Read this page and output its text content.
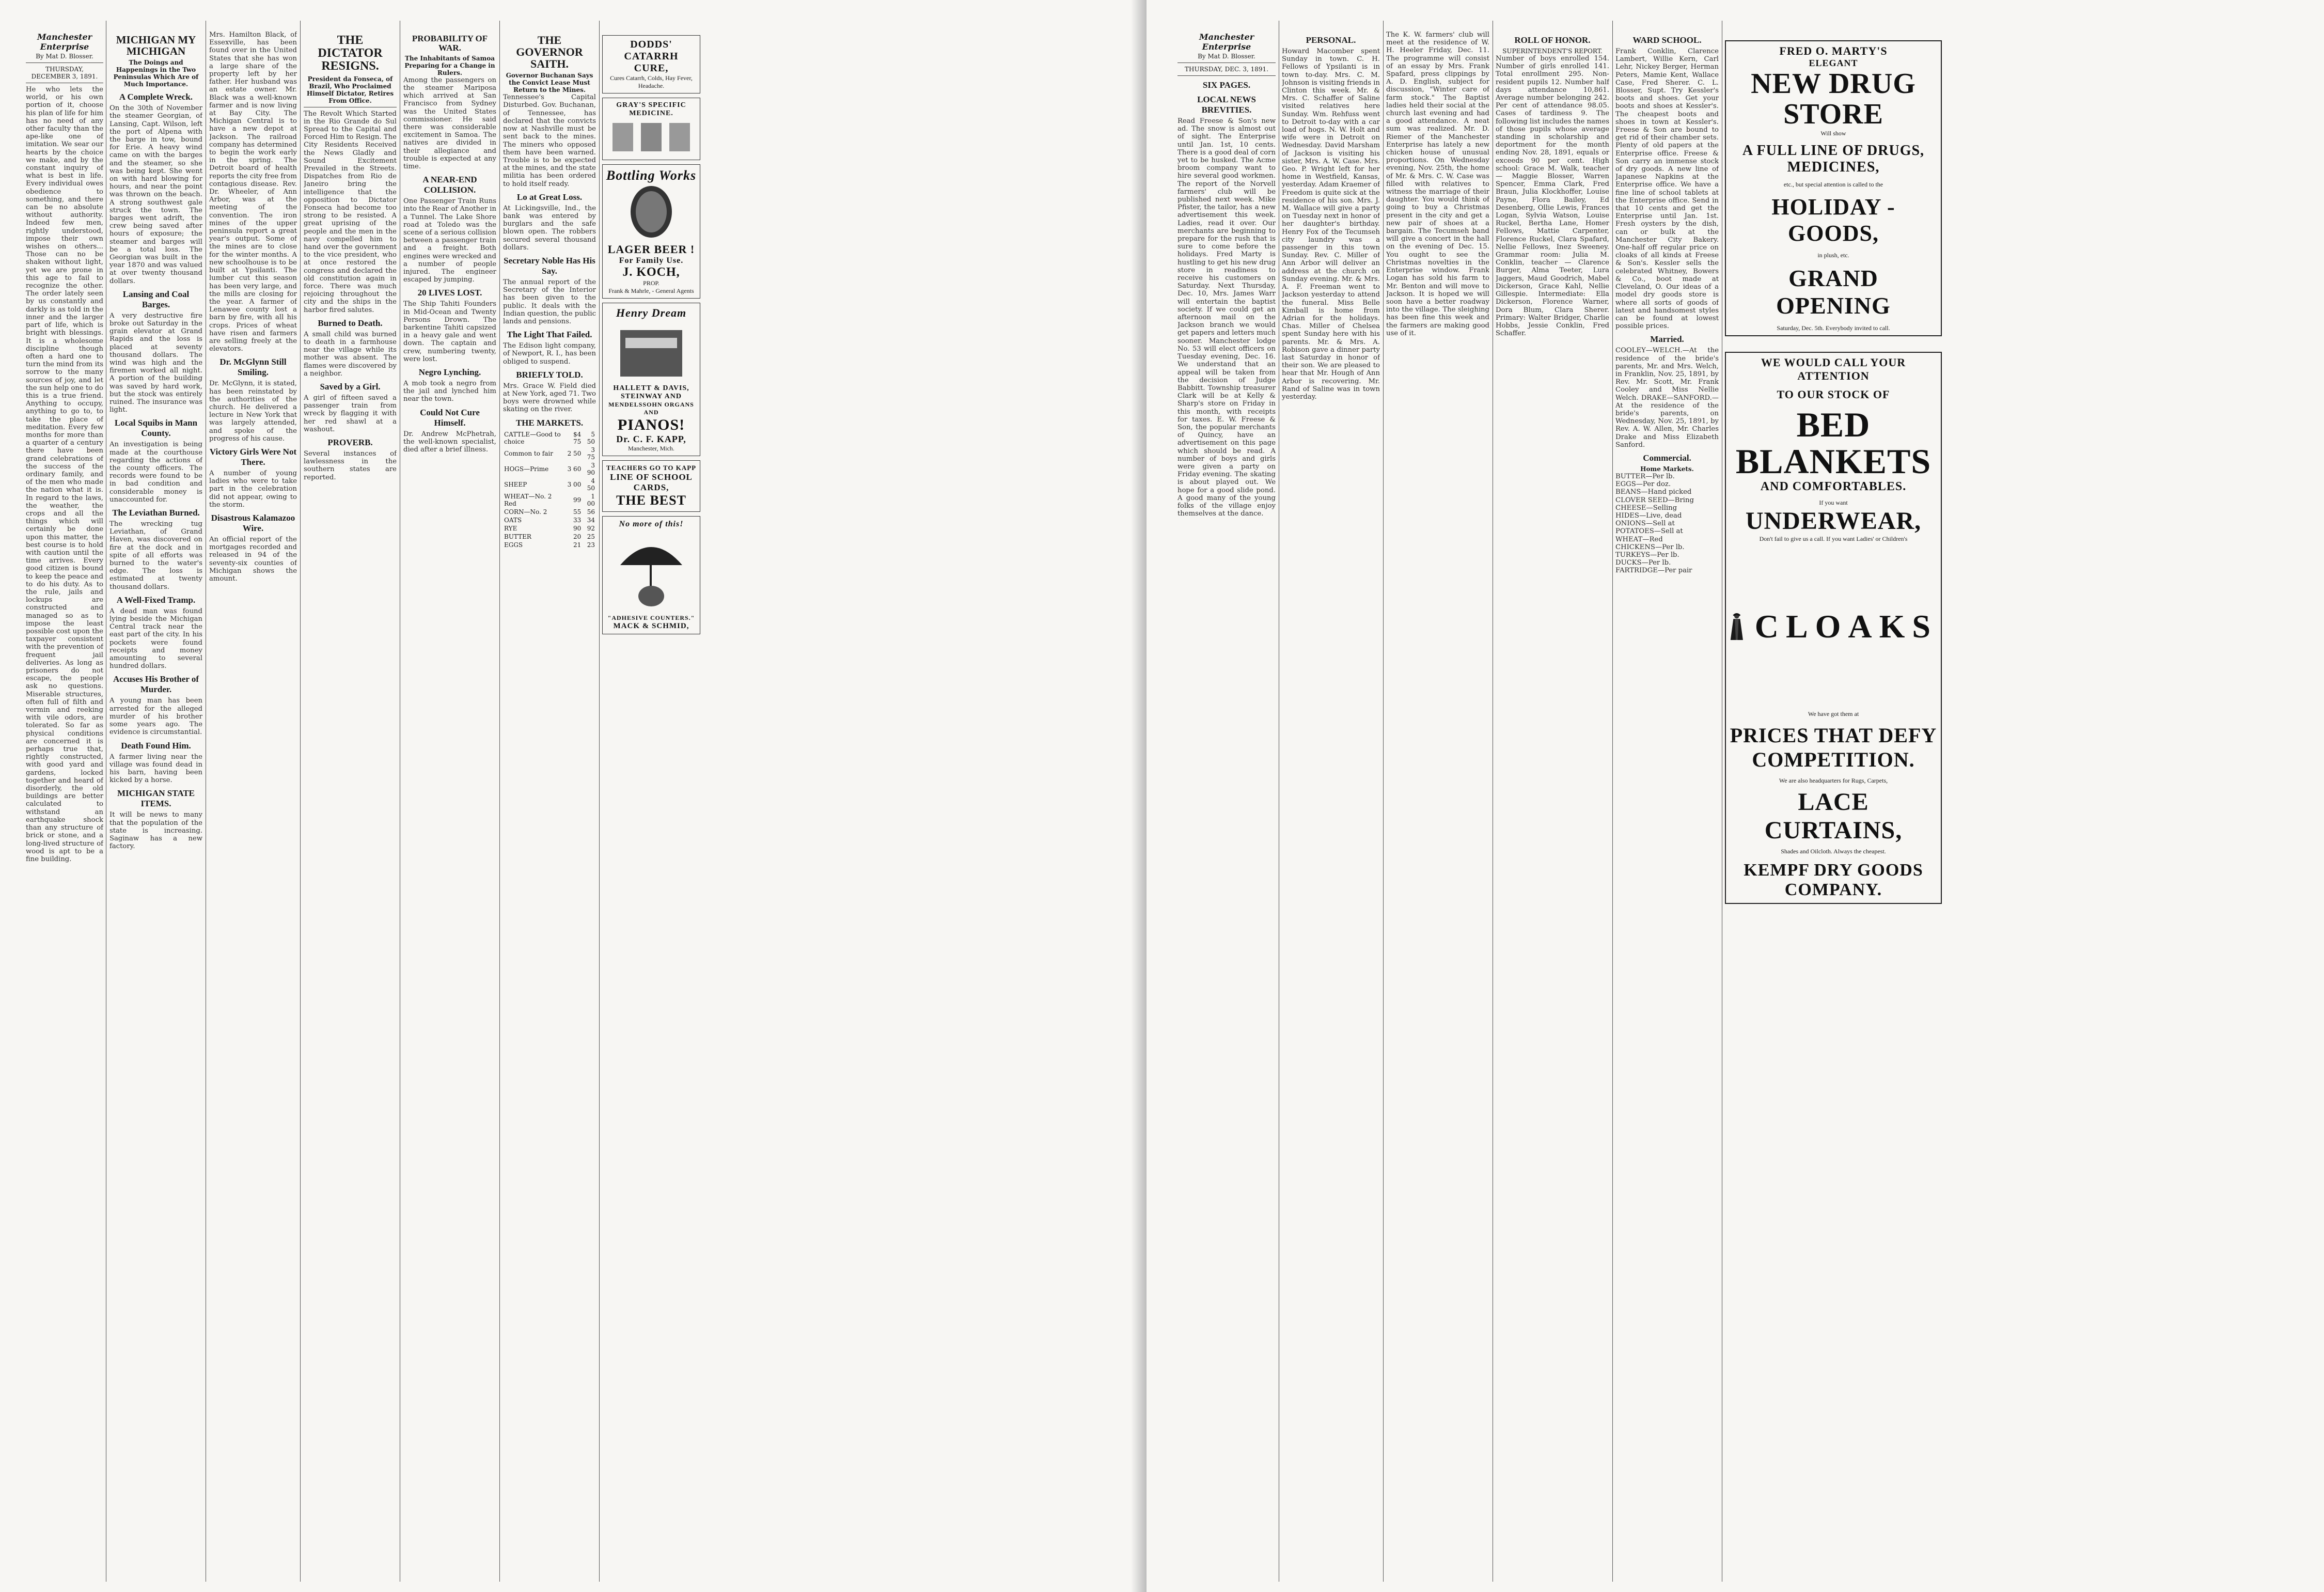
Manchester Enterprise
By Mat D. Blosser.
THURSDAY, DECEMBER 3, 1891.
He who lets the world, or his own portion of it, choose his plan of life for him has no need of any other faculty than the ape-like one of imitation. We sear our hearts by the choice we make, and by the constant inquiry of what is best in life. Every individual owes obedience to something, and there can be no absolute without authority. Indeed few men, rightly understood, impose their own wishes on others... Those can no be shaken without light, yet we are prone in this age to fail to recognize the other. The order lately seen by us constantly and darkly is as told in the inner and the larger part of life, which is bright with blessings. It is a wholesome discipline though often a hard one to turn the mind from its sorrow to the many sources of joy, and let the sun help one to do this is a true friend. Anything to occupy, anything to go to, to take the place of meditation. Every few months for more than a quarter of a century there have been grand celebrations of the success of the ordinary family, and of the men who made the nation what it is. In regard to the laws, the weather, the crops and all the things which will certainly be done upon this matter, the best course is to hold with caution until the time arrives. Every good citizen is bound to keep the peace and to do his duty. As to the rule, jails and lockups are constructed and managed so as to impose the least possible cost upon the taxpayer consistent with the prevention of frequent jail deliveries. As long as prisoners do not escape, the people ask no questions. Miserable structures, often full of filth and vermin and reeking with vile odors, are tolerated. So far as physical conditions are concerned it is perhaps true that, rightly constructed, with good yard and gardens, locked together and heard of disorderly, the old buildings are better calculated to withstand an earthquake shock than any structure of brick or stone, and a long-lived structure of wood is apt to be a fine building.
MICHIGAN MY MICHIGAN
The Doings and Happenings in the Two Peninsulas Which Are of Much Importance.
A Complete Wreck.
On the 30th of November the steamer Georgian, of Lansing, Capt. Wilson, left the port of Alpena with the barge in tow, bound for Erie. A heavy wind came on with the barges and the steamer, so she was being kept. She went on with hard blowing for hours, and near the point was thrown on the beach. A strong southwest gale struck the town. The barges went adrift, the crew being saved after hours of exposure; the steamer and barges will be a total loss. The Georgian was built in the year 1870 and was valued at over twenty thousand dollars.
Lansing and Coal Barges.
A very destructive fire broke out Saturday in the grain elevator at Grand Rapids and the loss is placed at seventy thousand dollars. The wind was high and the firemen worked all night. A portion of the building was saved by hard work, but the stock was entirely ruined. The insurance was light.
Local Squibs in Mann County.
An investigation is being made at the courthouse regarding the actions of the county officers. The records were found to be in bad condition and considerable money is unaccounted for.
The Leviathan Burned.
The wrecking tug Leviathan, of Grand Haven, was discovered on fire at the dock and in spite of all efforts was burned to the water's edge. The loss is estimated at twenty thousand dollars.
A Well-Fixed Tramp.
A dead man was found lying beside the Michigan Central track near the east part of the city. In his pockets were found receipts and money amounting to several hundred dollars.
Accuses His Brother of Murder.
A young man has been arrested for the alleged murder of his brother some years ago. The evidence is circumstantial.
Death Found Him.
A farmer living near the village was found dead in his barn, having been kicked by a horse.
MICHIGAN STATE ITEMS.
It will be news to many that the population of the state is increasing. Saginaw has a new factory.
Mrs. Hamilton Black, of Essexville, has been found over in the United States that she has won a large share of the property left by her father. Her husband was an estate owner. Mr. Black was a well-known farmer and is now living at Bay City. The Michigan Central is to have a new depot at Jackson. The railroad company has determined to begin the work early in the spring. The Detroit board of health reports the city free from contagious disease. Rev. Dr. Wheeler, of Ann Arbor, was at the meeting of the convention. The iron mines of the upper peninsula report a great year's output. Some of the mines are to close for the winter months. A new schoolhouse is to be built at Ypsilanti. The lumber cut this season has been very large, and the mills are closing for the year. A farmer of Lenawee county lost a barn by fire, with all his crops. Prices of wheat have risen and farmers are selling freely at the elevators.
Dr. McGlynn Still Smiling.
Dr. McGlynn, it is stated, has been reinstated by the authorities of the church. He delivered a lecture in New York that was largely attended, and spoke of the progress of his cause.
Victory Girls Were Not There.
A number of young ladies who were to take part in the celebration did not appear, owing to the storm.
Disastrous Kalamazoo Wire.
An official report of the mortgages recorded and released in 94 of the seventy-six counties of Michigan shows the amount.
THE DICTATOR RESIGNS.
President da Fonseca, of Brazil, Who Proclaimed Himself Dictator, Retires From Office.
The Revolt Which Started in the Rio Grande do Sul Spread to the Capital and Forced Him to Resign. The City Residents Received the News Gladly and Sound Excitement Prevailed in the Streets. Dispatches from Rio de Janeiro bring the intelligence that the opposition to Dictator Fonseca had become too strong to be resisted. A great uprising of the people and the men in the navy compelled him to hand over the government to the vice president, who at once restored the congress and declared the old constitution again in force. There was much rejoicing throughout the city and the ships in the harbor fired salutes.
Burned to Death.
A small child was burned to death in a farmhouse near the village while its mother was absent. The flames were discovered by a neighbor.
Saved by a Girl.
A girl of fifteen saved a passenger train from wreck by flagging it with her red shawl at a washout.
PROVERB.
Several instances of lawlessness in the southern states are reported.
PROBABILITY OF WAR.
The Inhabitants of Samoa Preparing for a Change in Rulers.
Among the passengers on the steamer Mariposa which arrived at San Francisco from Sydney was the United States commissioner. He said there was considerable excitement in Samoa. The natives are divided in their allegiance and trouble is expected at any time.
A NEAR-END COLLISION.
One Passenger Train Runs into the Rear of Another in a Tunnel. The Lake Shore road at Toledo was the scene of a serious collision between a passenger train and a freight. Both engines were wrecked and a number of people injured. The engineer escaped by jumping.
20 LIVES LOST.
The Ship Tahiti Founders in Mid-Ocean and Twenty Persons Drown. The barkentine Tahiti capsized in a heavy gale and went down. The captain and crew, numbering twenty, were lost.
Negro Lynching.
A mob took a negro from the jail and lynched him near the town.
Could Not Cure Himself.
Dr. Andrew McPhetrah, the well-known specialist, died after a brief illness.
THE GOVERNOR SAITH.
Governor Buchanan Says the Convict Lease Must Return to the Mines.
Tennessee's Capital Disturbed. Gov. Buchanan, of Tennessee, has declared that the convicts now at Nashville must be sent back to the mines. The miners who opposed them have been warned. Trouble is to be expected at the mines, and the state militia has been ordered to hold itself ready.
Lo at Great Loss.
At Lickingsville, Ind., the bank was entered by burglars and the safe blown open. The robbers secured several thousand dollars.
Secretary Noble Has His Say.
The annual report of the Secretary of the Interior has been given to the public. It deals with the Indian question, the public lands and pensions.
The Light That Failed.
The Edison light company, of Newport, R. I., has been obliged to suspend.
BRIEFLY TOLD.
Mrs. Grace W. Field died at New York, aged 71. Two boys were drowned while skating on the river.
THE MARKETS.
CATTLE—Good to choice	$4 75	5 50
Common to fair	2 50	3 75
HOGS—Prime	3 60	3 90
SHEEP	3 00	4 50
WHEAT—No. 2 Red	99	1 00
CORN—No. 2	55	56
OATS	33	34
RYE	90	92
BUTTER	20	25
EGGS	21	23
DODDS' CATARRH CURE,
Cures Catarrh, Colds, Hay Fever, Headache.
GRAY'S SPECIFIC MEDICINE.
Bottling Works
LAGER BEER !
For Family Use.
J. KOCH,
PROP.
Frank & Mahrle, - General Agents
Henry Dream
HALLETT & DAVIS,
STEINWAY AND
MENDELSSOHN ORGANS AND
PIANOS!
Dr. C. F. KAPP,
Manchester, Mich.
TEACHERS GO TO KAPP
LINE OF SCHOOL CARDS,
THE BEST
No more of this!
"ADHESIVE COUNTERS."
MACK & SCHMID,
Manchester Enterprise
By Mat D. Blosser.
THURSDAY, DEC. 3, 1891.
SIX PAGES.
LOCAL NEWS BREVITIES.
Read Freese & Son's new ad. The snow is almost out of sight. The Enterprise until Jan. 1st, 10 cents. There is a good deal of corn yet to be husked. The Acme broom company want to hire several good workmen. The report of the Norvell farmers' club will be published next week. Mike Pfister, the tailor, has a new advertisement this week. Ladies, read it over. Our merchants are beginning to prepare for the rush that is sure to come before the holidays. Fred Marty is hustling to get his new drug store in readiness to receive his customers on Saturday. Next Thursday, Dec. 10, Mrs. James Warr will entertain the baptist society. If we could get an afternoon mail on the Jackson branch we would get papers and letters much sooner. Manchester lodge No. 53 will elect officers on Tuesday evening, Dec. 16. We understand that an appeal will be taken from the decision of Judge Babbitt. Township treasurer Clark will be at Kelly & Sharp's store on Friday in this month, with receipts for taxes. E. W. Freese & Son, the popular merchants of Quincy, have an advertisement on this page which should be read. A number of boys and girls were given a party on Friday evening. The skating is about played out. We hope for a good slide pond. A good many of the young folks of the village enjoy themselves at the dance.
PERSONAL.
Howard Macomber spent Sunday in town. C. H. Fellows of Ypsilanti is in town to-day. Mrs. C. M. Johnson is visiting friends in Clinton this week. Mr. & Mrs. C. Schaffer of Saline visited relatives here Sunday. Wm. Rehfuss went to Detroit to-day with a car load of hogs. N. W. Holt and wife were in Detroit on Wednesday. David Marsham of Jackson is visiting his sister, Mrs. A. W. Case. Mrs. Geo. P. Wright left for her home in Westfield, Kansas, yesterday. Adam Kraemer of Freedom is quite sick at the residence of his son. Mrs. J. M. Wallace will give a party on Tuesday next in honor of her daughter's birthday. Henry Fox of the Tecumseh city laundry was a passenger in this town Sunday. Rev. C. Miller of Ann Arbor will deliver an address at the church on Sunday evening. Mr. & Mrs. A. F. Freeman went to Jackson yesterday to attend the funeral. Miss Belle Kimball is home from Adrian for the holidays. Chas. Miller of Chelsea spent Sunday here with his parents. Mr. & Mrs. A. Robison gave a dinner party last Saturday in honor of their son. We are pleased to hear that Mr. Hough of Ann Arbor is recovering. Mr. Rand of Saline was in town yesterday.
The K. W. farmers' club will meet at the residence of W. H. Heeler Friday, Dec. 11. The programme will consist of an essay by Mrs. Frank Spafard, press clippings by A. D. English, subject for discussion, "Winter care of farm stock." The Baptist ladies held their social at the church last evening and had a good attendance. A neat sum was realized. Mr. D. Riemer of the Manchester Enterprise has lately a new chicken house of unusual proportions. On Wednesday evening, Nov. 25th, the home of Mr. & Mrs. C. W. Case was filled with relatives to witness the marriage of their daughter. You would think of going to buy a Christmas present in the city and get a new pair of shoes at a bargain. The Tecumseh band will give a concert in the hall on the evening of Dec. 15. You ought to see the Christmas novelties in the Enterprise window. Frank Logan has sold his farm to Mr. Benton and will move to Jackson. It is hoped we will soon have a better roadway into the village. The sleighing has been fine this week and the farmers are making good use of it.
ROLL OF HONOR.
SUPERINTENDENT'S REPORT.
Number of boys enrolled 154. Number of girls enrolled 141. Total enrollment 295. Non-resident pupils 12. Number half days attendance 10,861. Average number belonging 242. Per cent of attendance 98.05. Cases of tardiness 9. The following list includes the names of those pupils whose average standing in scholarship and deportment for the month ending Nov. 28, 1891, equals or exceeds 90 per cent. High school: Grace M. Walk, teacher — Maggie Blosser, Warren Spencer, Emma Clark, Fred Braun, Julia Klockhoffer, Louise Payne, Flora Bailey, Ed Desenberg, Ollie Lewis, Frances Logan, Sylvia Watson, Louise Ruckel, Bertha Lane, Homer Fellows, Mattie Carpenter, Florence Ruckel, Clara Spafard, Nellie Fellows, Inez Sweeney. Grammar room: Julia M. Conklin, teacher — Clarence Burger, Alma Teeter, Lura Jaggers, Maud Goodrich, Mabel Dickerson, Grace Kahl, Nellie Gillespie. Intermediate: Ella Dickerson, Florence Warner, Dora Blum, Clara Sherer. Primary: Walter Bridger, Charlie Hobbs, Jessie Conklin, Fred Schaffer.
WARD SCHOOL.
Frank Conklin, Clarence Lambert, Willie Kern, Carl Lehr, Nickey Berger, Herman Peters, Mamie Kent, Wallace Case, Fred Sherer. C. L. Blosser, Supt. Try Kessler's boots and shoes. Get your boots and shoes at Kessler's. The cheapest boots and shoes in town at Kessler's. Freese & Son are bound to get rid of their chamber sets. Plenty of old papers at the Enterprise office. Freese & Son carry an immense stock of dry goods. A new line of Japanese Napkins at the Enterprise office. We have a fine line of school tablets at the Enterprise office. Send in that 10 cents and get the Enterprise until Jan. 1st. Fresh oysters by the dish, can or bulk at the Manchester City Bakery. One-half off regular price on cloaks of all kinds at Freese & Son's. Kessler sells the celebrated Whitney, Bowers & Co., boot made at Cleveland, O. Our ideas of a model dry goods store is where all sorts of goods of latest and handsomest styles can be found at lowest possible prices.
Married.
COOLEY—WELCH.—At the residence of the bride's parents, Mr. and Mrs. Welch, in Franklin, Nov. 25, 1891, by Rev. Mr. Scott, Mr. Frank Cooley and Miss Nellie Welch. DRAKE—SANFORD.—At the residence of the bride's parents, on Wednesday, Nov. 25, 1891, by Rev. A. W. Allen, Mr. Charles Drake and Miss Elizabeth Sanford.
Commercial.
Home Markets.
BUTTER—Per lb.
EGGS—Per doz.
BEANS—Hand picked
CLOVER SEED—Bring
CHEESE—Selling
HIDES—Live, dead
ONIONS—Sell at
POTATOES—Sell at
WHEAT—Red
CHICKENS—Per lb.
TURKEYS—Per lb.
DUCKS—Per lb.
FARTRIDGE—Per pair
FRED O. MARTY'S
ELEGANT
NEW DRUG STORE
Will show
A FULL LINE OF DRUGS, MEDICINES,
etc., but special attention is called to the
HOLIDAY - GOODS,
in plush, etc.
GRAND OPENING
Saturday, Dec. 5th. Everybody invited to call.
WE WOULD CALL YOUR ATTENTION
TO OUR STOCK OF
BED BLANKETS
AND COMFORTABLES.
If you want
UNDERWEAR,
Don't fail to give us a call. If you want Ladies' or Children's
CLOAKS
We have got them at
PRICES THAT DEFY COMPETITION.
We are also headquarters for Rugs, Carpets,
LACE CURTAINS,
Shades and Oilcloth. Always the cheapest.
KEMPF DRY GOODS COMPANY.
